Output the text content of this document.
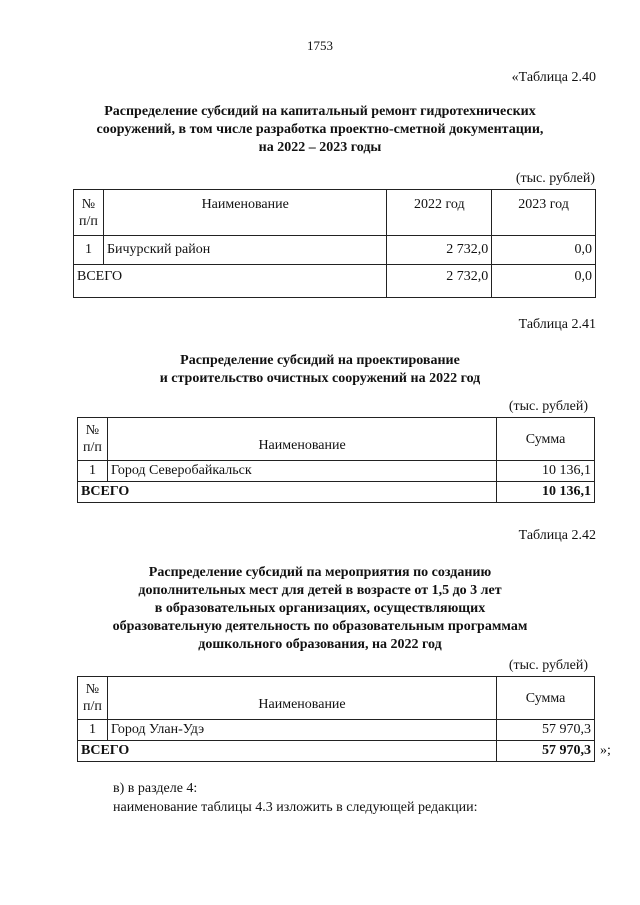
1753
«Таблица 2.40
Распределение субсидий на капитальный ремонт гидротехнических
сооружений, в том числе разработка проектно-сметной документации,
на 2022 – 2023 годы
(тыс. рублей)
№ п/п	Наименование	2022 год	2023 год
1	Бичурский район	2 732,0	0,0
ВСЕГО		2 732,0	0,0
Таблица 2.41
Распределение субсидий на проектирование
и строительство очистных сооружений на 2022 год
(тыс. рублей)
№ п/п	Наименование	Сумма
1	Город Северобайкальск	10 136,1
ВСЕГО		10 136,1
Таблица 2.42
Распределение субсидий па мероприятия по созданию
дополнительных мест для детей в возрасте от 1,5 до 3 лет
в образовательных организациях, осуществляющих
образовательную деятельность по образовательным программам
дошкольного образования, на 2022 год
(тыс. рублей)
№ п/п	Наименование	Сумма
1	Город Улан-Удэ	57 970,3
ВСЕГО		57 970,3 »;
в) в разделе 4:
наименование таблицы 4.3 изложить в следующей редакции:
